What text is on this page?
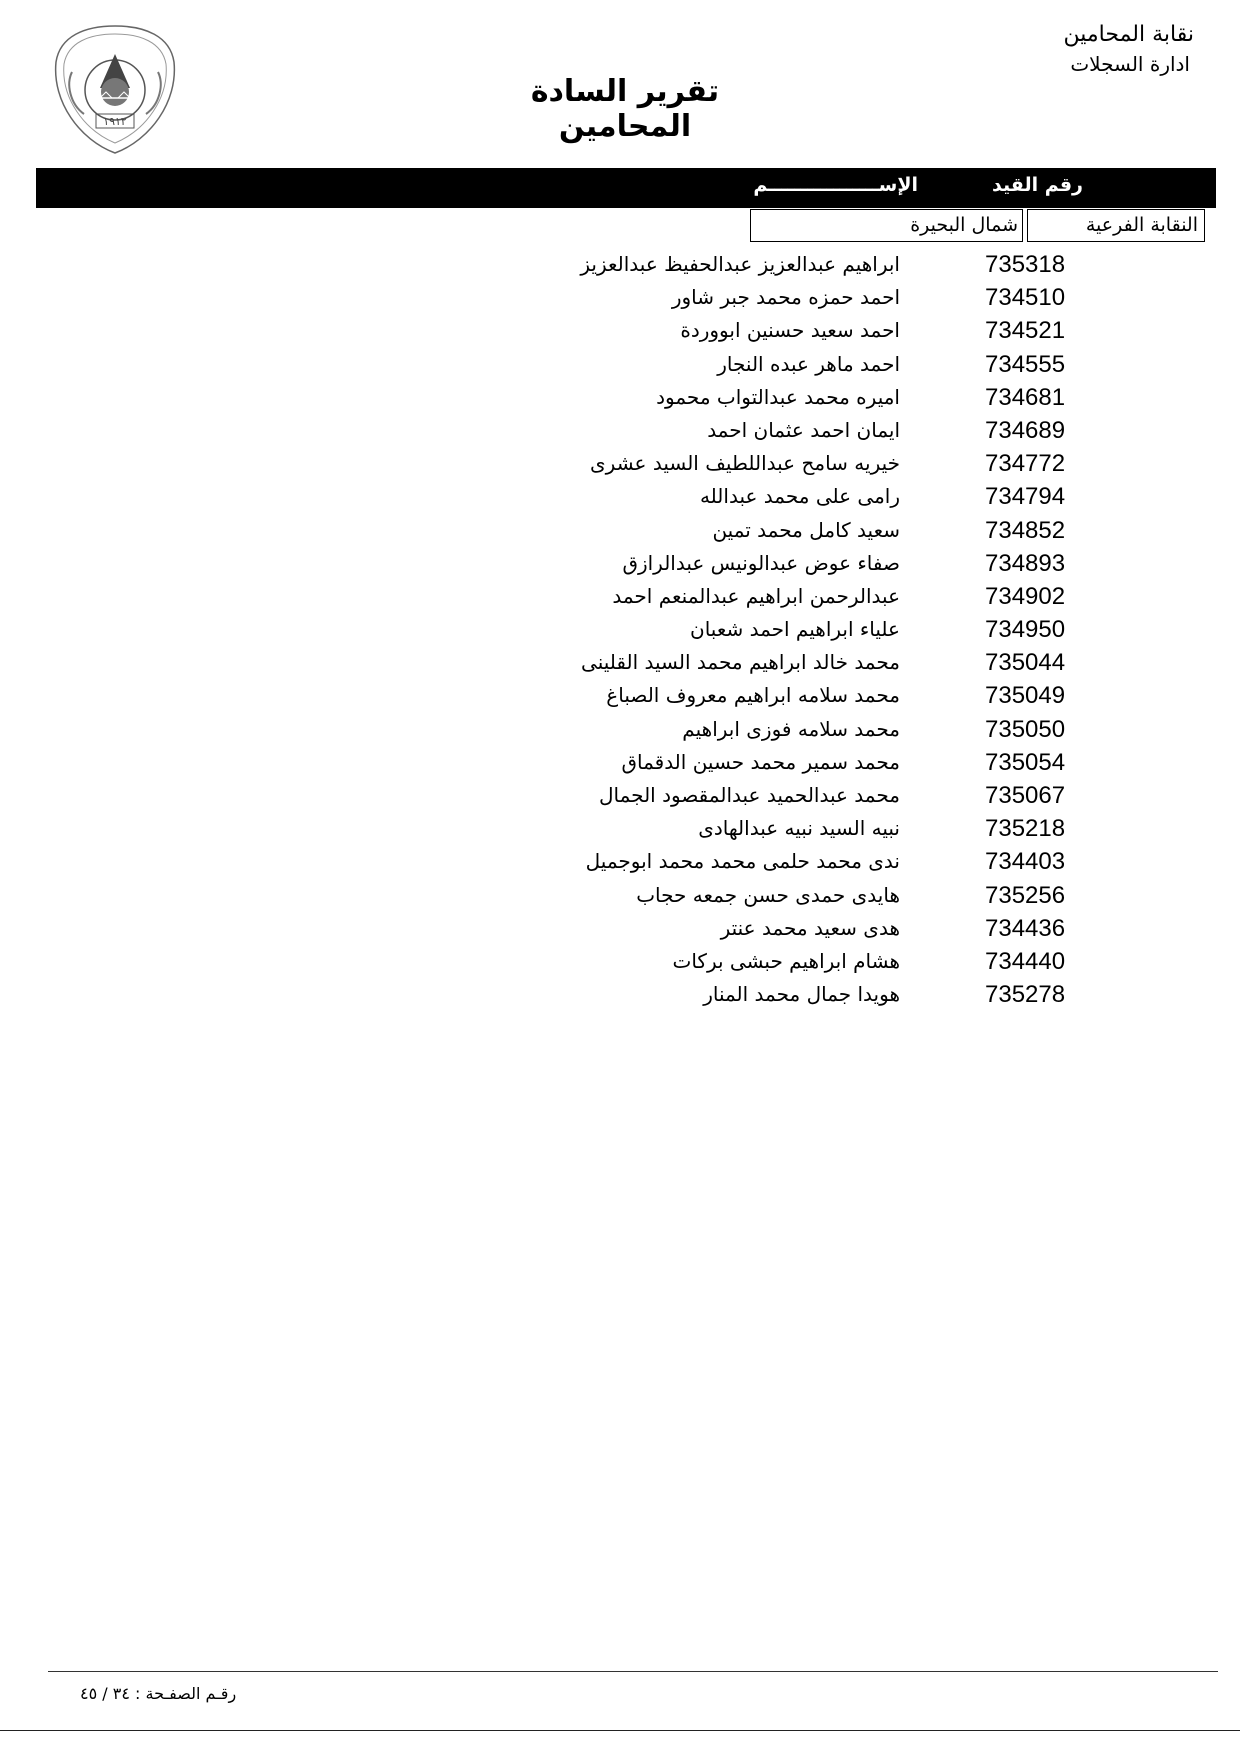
نقابة المحامين
ادارة السجلات
تقرير السادة المحامين
١٩١٢
الإســـــــــــــــــم	رقم القيد
النقابة الفرعية
شمال البحيرة
735318
ابراهيم عبدالعزيز عبدالحفيظ عبدالعزيز
734510
احمد حمزه محمد جبر شاور
734521
احمد سعيد حسنين ابووردة
734555
احمد ماهر عبده النجار
734681
اميره محمد عبدالتواب محمود
734689
ايمان احمد عثمان احمد
734772
خيريه سامح عبداللطيف السيد عشرى
734794
رامى على محمد عبدالله
734852
سعيد كامل محمد تمين
734893
صفاء عوض عبدالونيس عبدالرازق
734902
عبدالرحمن ابراهيم عبدالمنعم احمد
734950
علياء ابراهيم احمد شعبان
735044
محمد خالد ابراهيم محمد السيد القلينى
735049
محمد سلامه ابراهيم معروف الصباغ
735050
محمد سلامه فوزى ابراهيم
735054
محمد سمير محمد حسين الدقماق
735067
محمد عبدالحميد عبدالمقصود الجمال
735218
نبيه السيد نبيه عبدالهادى
734403
ندى محمد حلمى محمد محمد ابوجميل
735256
هايدى حمدى حسن جمعه حجاب
734436
هدى سعيد محمد عنتر
734440
هشام ابراهيم حبشى بركات
735278
هويدا جمال محمد المنار
رقـم الصفـحة : ٣٤ / ٤٥
